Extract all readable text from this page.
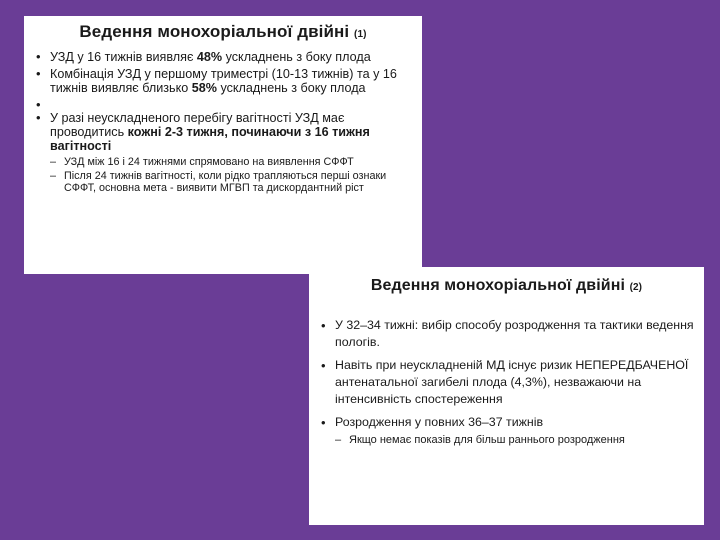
Ведення монохоріальної двійні (1)
• УЗД у 16 тижнів виявляє 48% ускладнень з боку плода
• Комбінація УЗД у першому триместрі (10-13 тижнів) та у 16 тижнів виявляє близько 58% ускладнень з боку плода
•
• У разі неускладненого перебігу вагітності УЗД має проводитись кожні 2-3 тижня, починаючи з 16 тижня вагітності
– УЗД між 16 і 24 тижнями спрямовано на виявлення СФФТ
– Після 24 тижнів вагітності, коли рідко трапляються перші ознаки СФФТ, основна мета - виявити МГВП та дискордантний ріст
Ведення монохоріальної двійні (2)
• У 32–34 тижні: вибір способу розродження та тактики ведення пологів.
• Навіть при неускладненій МД існує ризик НЕПЕРЕДБАЧЕНОЇ антенатальної загибелі плода (4,3%), незважаючи на інтенсивність спостереження
• Розродження у повних 36–37 тижнів
– Якщо немає показів для більш раннього розродження
